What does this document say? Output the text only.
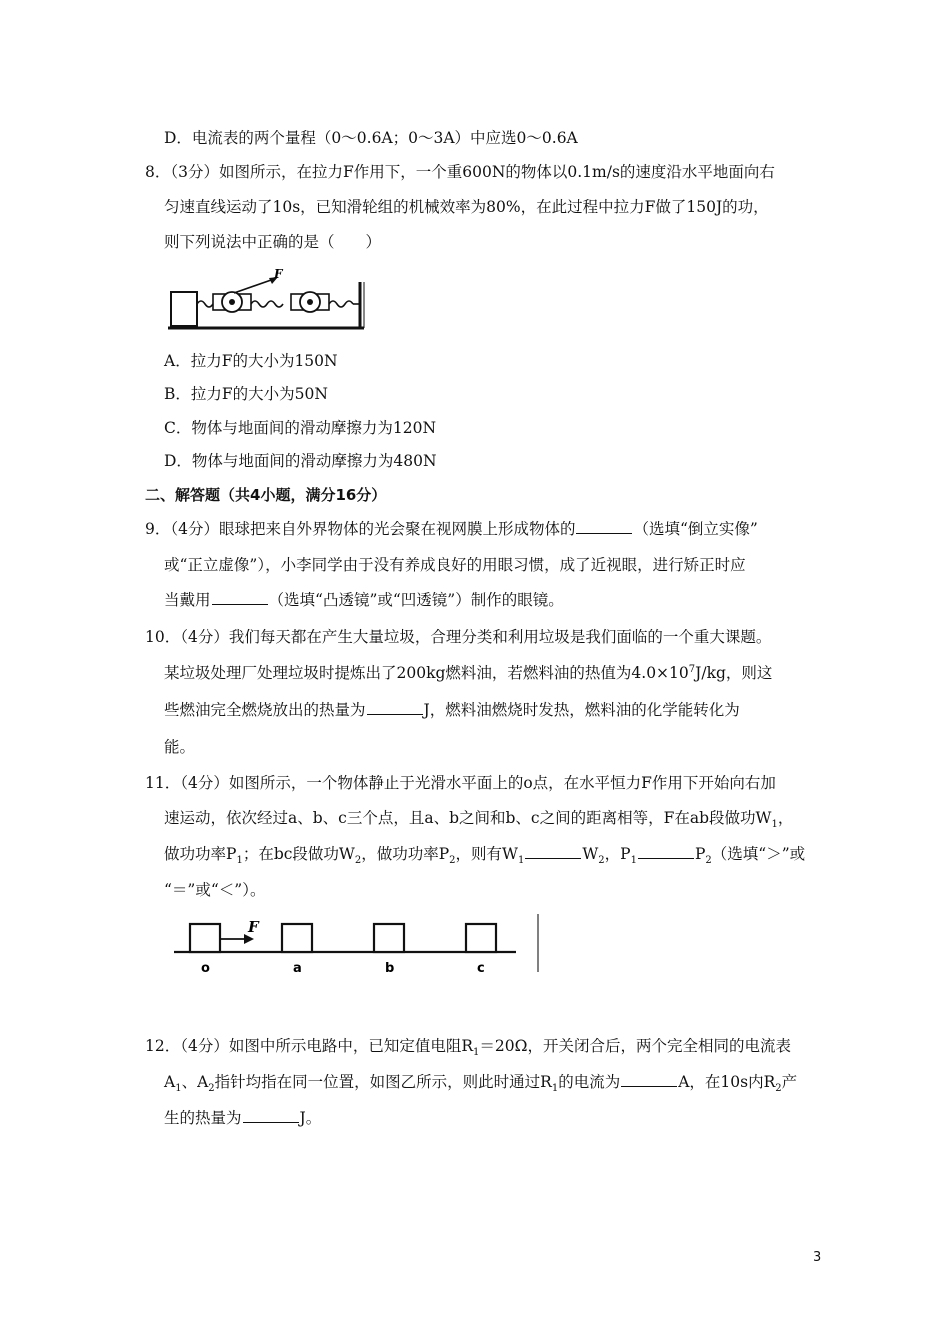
D．电流表的两个量程（0～0.6A；0～3A）中应选0～0.6A
8．（3分）如图所示，在拉力F作用下，一个重600N的物体以0.1m/s的速度沿水平地面向右
匀速直线运动了10s，已知滑轮组的机械效率为80%，在此过程中拉力F做了150J的功，
则下列说法中正确的是（　　）
F
A．拉力F的大小为150N
B．拉力F的大小为50N
C．物体与地面间的滑动摩擦力为120N
D．物体与地面间的滑动摩擦力为480N
二、解答题（共4小题，满分16分）
9．（4分）眼球把来自外界物体的光会聚在视网膜上形成物体的	（选填“倒立实像”
或“正立虚像”），小李同学由于没有养成良好的用眼习惯，成了近视眼，进行矫正时应
当戴用	（选填“凸透镜”或“凹透镜”）制作的眼镜。
10．（4分）我们每天都在产生大量垃圾，合理分类和利用垃圾是我们面临的一个重大课题。
某垃圾处理厂处理垃圾时提炼出了200kg燃料油，若燃料油的热值为$4.0\times 10^7J/kg$，则这
些燃油完全燃烧放出的热量为	J，燃料油燃烧时发热，燃料油的化学能转化为
能。
11．（4分）如图所示，一个物体静止于光滑水平面上的o点，在水平恒力F作用下开始向右加
速运动，依次经过a、b、c三个点，且a、b之间和b、c之间的距离相等，F在ab段做功$W_1$，
做功功率$P_1$；在bc段做功$W_2$，做功功率$P_2$，则有$W_1$	$W_2$，$P_1$	$P_2$（选填“＞”或
“＝”或“＜”）。
F
o	a	b	c
12．（4分）如图中所示电路中，已知定值电阻$R_1=20\Omega$，开关闭合后，两个完全相同的电流表
$A_1$、$A_2$指针均指在同一位置，如图乙所示，则此时通过$R_1$的电流为	A，在10s内$R_2$产
生的热量为	J。
3
